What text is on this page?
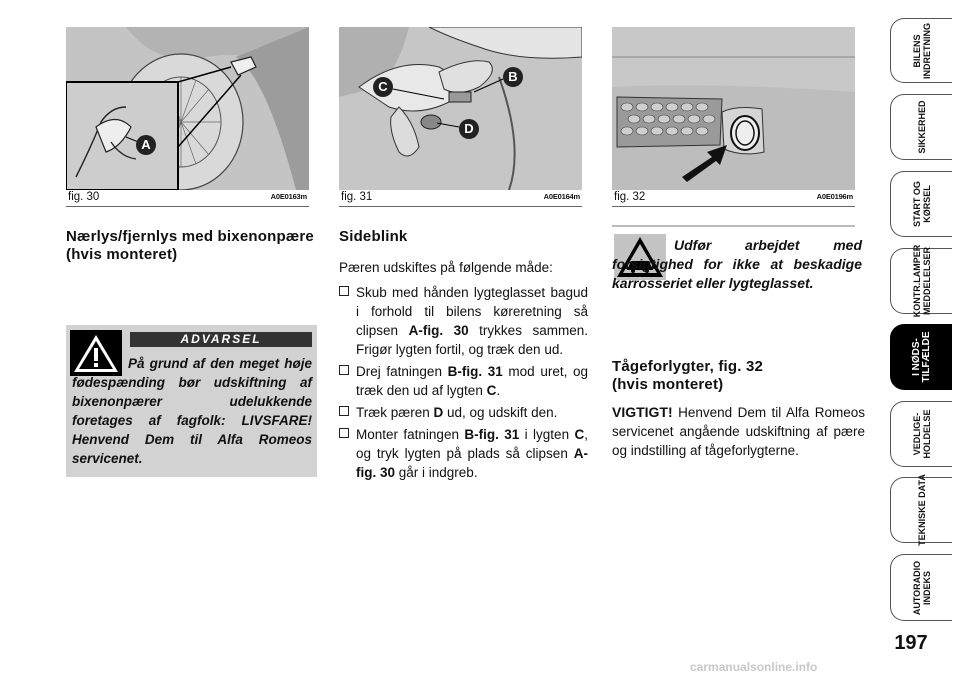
A
fig. 30	A0E0163m
C
B
D
fig. 31	A0E0164m	fig. 32	A0E0196m
Nærlys/fjernlys med bixenonpære (hvis monteret)
ADVARSEL
På grund af den meget høje fødespænding bør udskiftning af bixenonpærer udelukkende foretages af fagfolk: LIVSFARE! Henvend Dem til Alfa Romeos servicenet.
Sideblink
Pæren udskiftes på følgende måde:
Skub med hånden lygteglasset bagud i forhold til bilens køreretning så clipsen A-fig. 30 trykkes sammen. Frigør lygten fortil, og træk den ud.
Drej fatningen B-fig. 31 mod uret, og træk den ud af lygten C.
Træk pæren D ud, og udskift den.
Monter fatningen B-fig. 31 i lygten C, og tryk lygten på plads så clipsen A-fig. 30 går i indgreb.
Udfør arbejdet med forsigtighed for ikke at beskadige karrosseriet eller lygteglasset.
Tågeforlygter, fig. 32
(hvis monteret)
VIGTIGT! Henvend Dem til Alfa Romeos servicenet angående udskiftning af pære og indstilling af tågeforlygterne.
BILENS
INDRETNING
SIKKERHED
START OG
KØRSEL
KONTR.LAMPER
MEDDELELSER
I NØDS-
TILFÆLDE
VEDLIGE-
HOLDELSE
TEKNISKE DATA
AUTORADIO
INDEKS
197
carmanualsonline.info
